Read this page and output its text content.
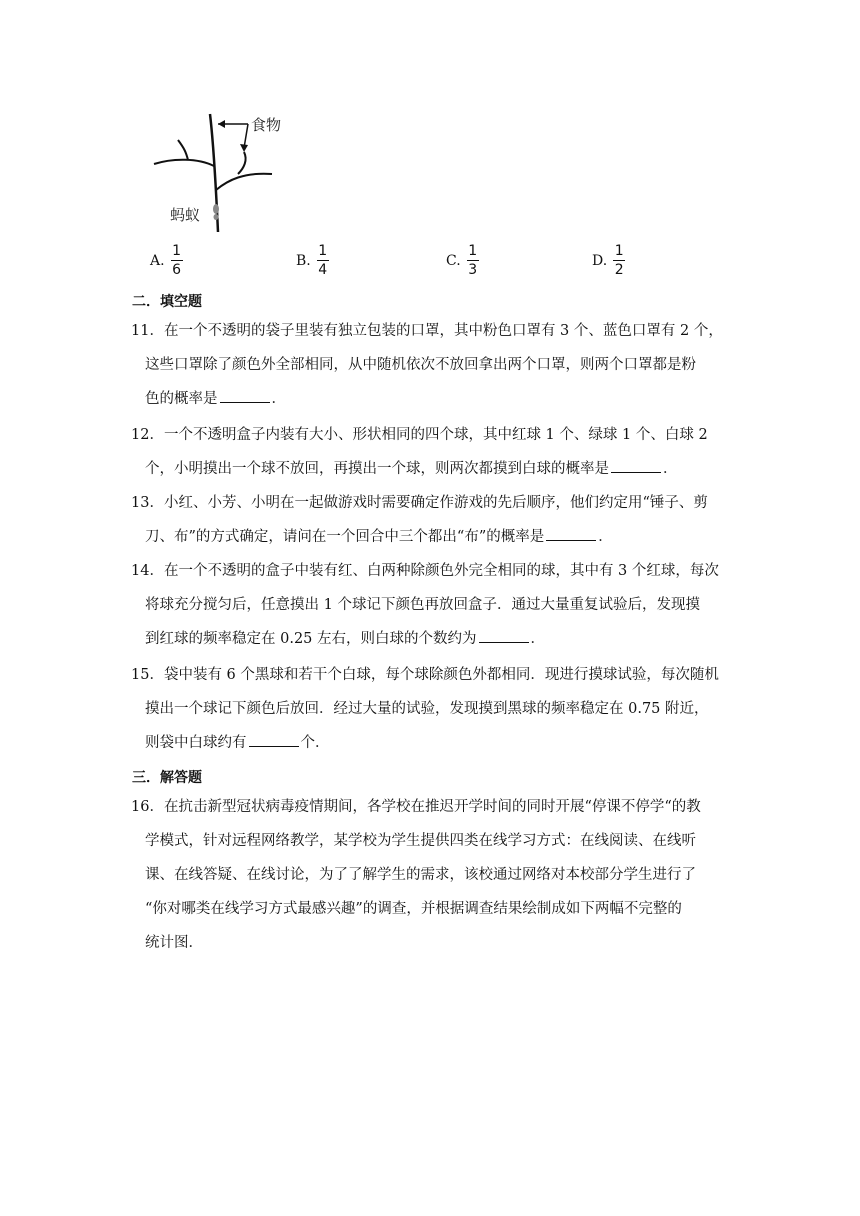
食物
蚂蚁
A. $\frac{1}{6}$	B. $\frac{1}{4}$	C. $\frac{1}{3}$	D. $\frac{1}{2}$
二．填空题
11．在一个不透明的袋子里装有独立包装的口罩，其中粉色口罩有 3 个、蓝色口罩有 2 个，
这些口罩除了颜色外全部相同，从中随机依次不放回拿出两个口罩，则两个口罩都是粉
色的概率是	．
12．一个不透明盒子内装有大小、形状相同的四个球，其中红球 1 个、绿球 1 个、白球 2
个，小明摸出一个球不放回，再摸出一个球，则两次都摸到白球的概率是	．
13．小红、小芳、小明在一起做游戏时需要确定作游戏的先后顺序，他们约定用“锤子、剪
刀、布”的方式确定，请问在一个回合中三个都出“布”的概率是	．
14．在一个不透明的盒子中装有红、白两种除颜色外完全相同的球，其中有 3 个红球，每次
将球充分搅匀后，任意摸出 1 个球记下颜色再放回盒子．通过大量重复试验后，发现摸
到红球的频率稳定在 0.25 左右，则白球的个数约为	．
15．袋中装有 6 个黑球和若干个白球，每个球除颜色外都相同．现进行摸球试验，每次随机
摸出一个球记下颜色后放回．经过大量的试验，发现摸到黑球的频率稳定在 0.75 附近，
则袋中白球约有	个．
三．解答题
16．在抗击新型冠状病毒疫情期间，各学校在推迟开学时间的同时开展“停课不停学“的教
学模式，针对远程网络教学，某学校为学生提供四类在线学习方式：在线阅读、在线听
课、在线答疑、在线讨论，为了了解学生的需求，该校通过网络对本校部分学生进行了
“你对哪类在线学习方式最感兴趣”的调查，并根据调查结果绘制成如下两幅不完整的
统计图．
